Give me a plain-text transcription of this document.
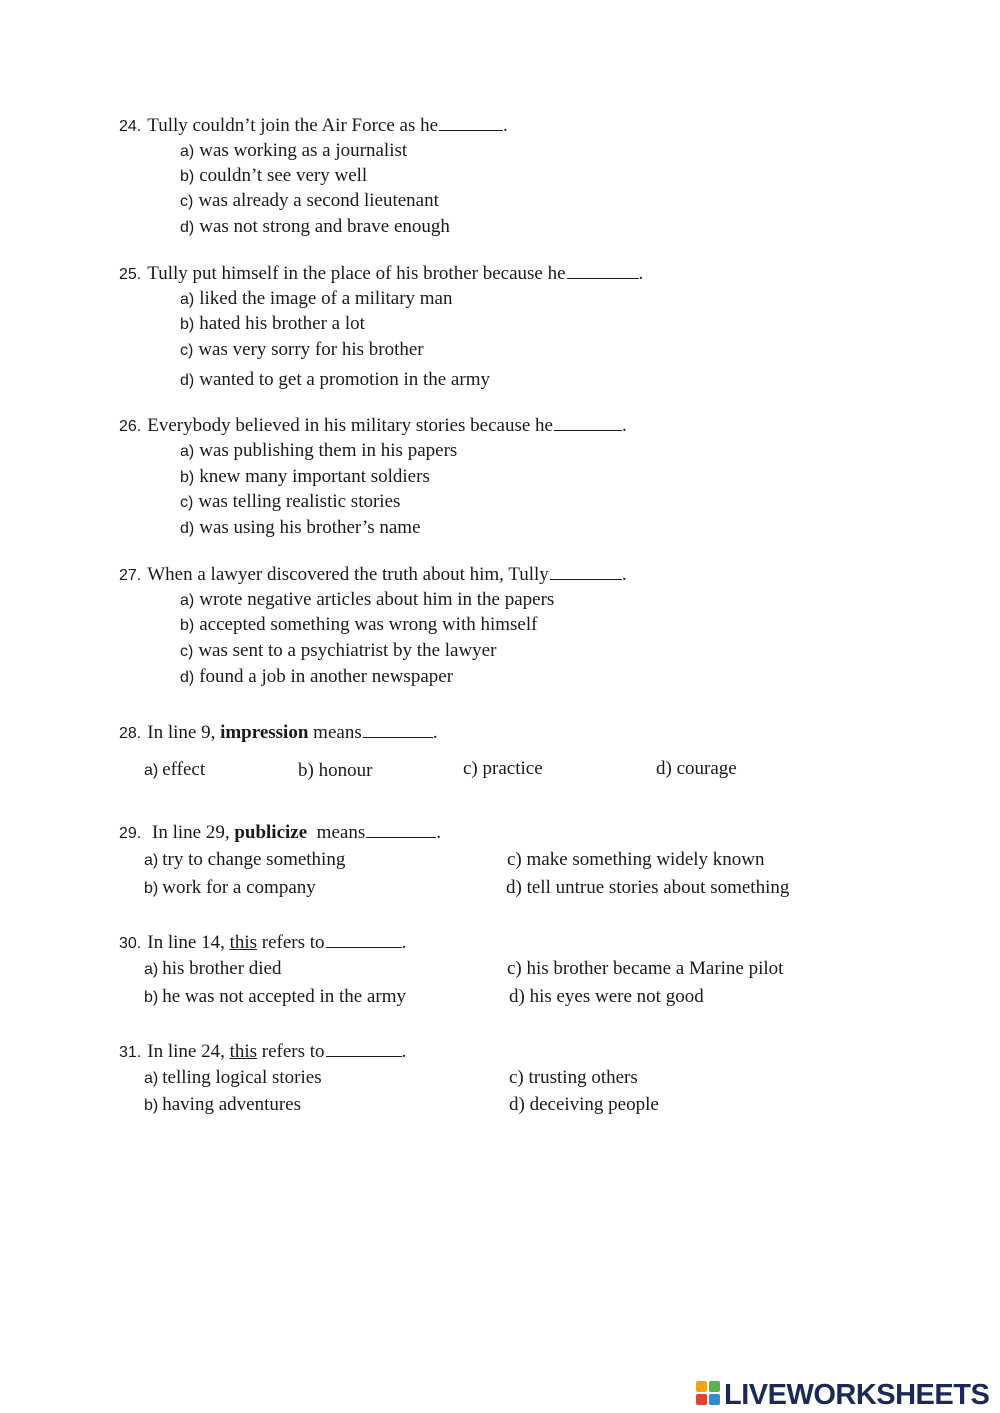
24. Tully couldn’t join the Air Force as he	.
a) was working as a journalist
b) couldn’t see very well
c) was already a second lieutenant
d) was not strong and brave enough
25. Tully put himself in the place of his brother because he	.
a) liked the image of a military man
b) hated his brother a lot
c) was very sorry for his brother
d) wanted to get a promotion in the army
26. Everybody believed in his military stories because he	.
a) was publishing them in his papers
b) knew many important soldiers
c) was telling realistic stories
d) was using his brother’s name
27. When a lawyer discovered the truth about him, Tully	.
a) wrote negative articles about him in the papers
b) accepted something was wrong with himself
c) was sent to a psychiatrist by the lawyer
d) found a job in another newspaper
28. In line 9, impression means	.
a) effect	b) honour	c) practice	d) courage
29. In line 29, publicize means	.
a) try to change something	c) make something widely known
b) work for a company	d) tell untrue stories about something
30. In line 14, this refers to	.
a) his brother died	c) his brother became a Marine pilot
b) he was not accepted in the army	d) his eyes were not good
31. In line 24, this refers to	.
a) telling logical stories	c) trusting others
b) having adventures	d) deceiving people
LIVEWORKSHEETS
